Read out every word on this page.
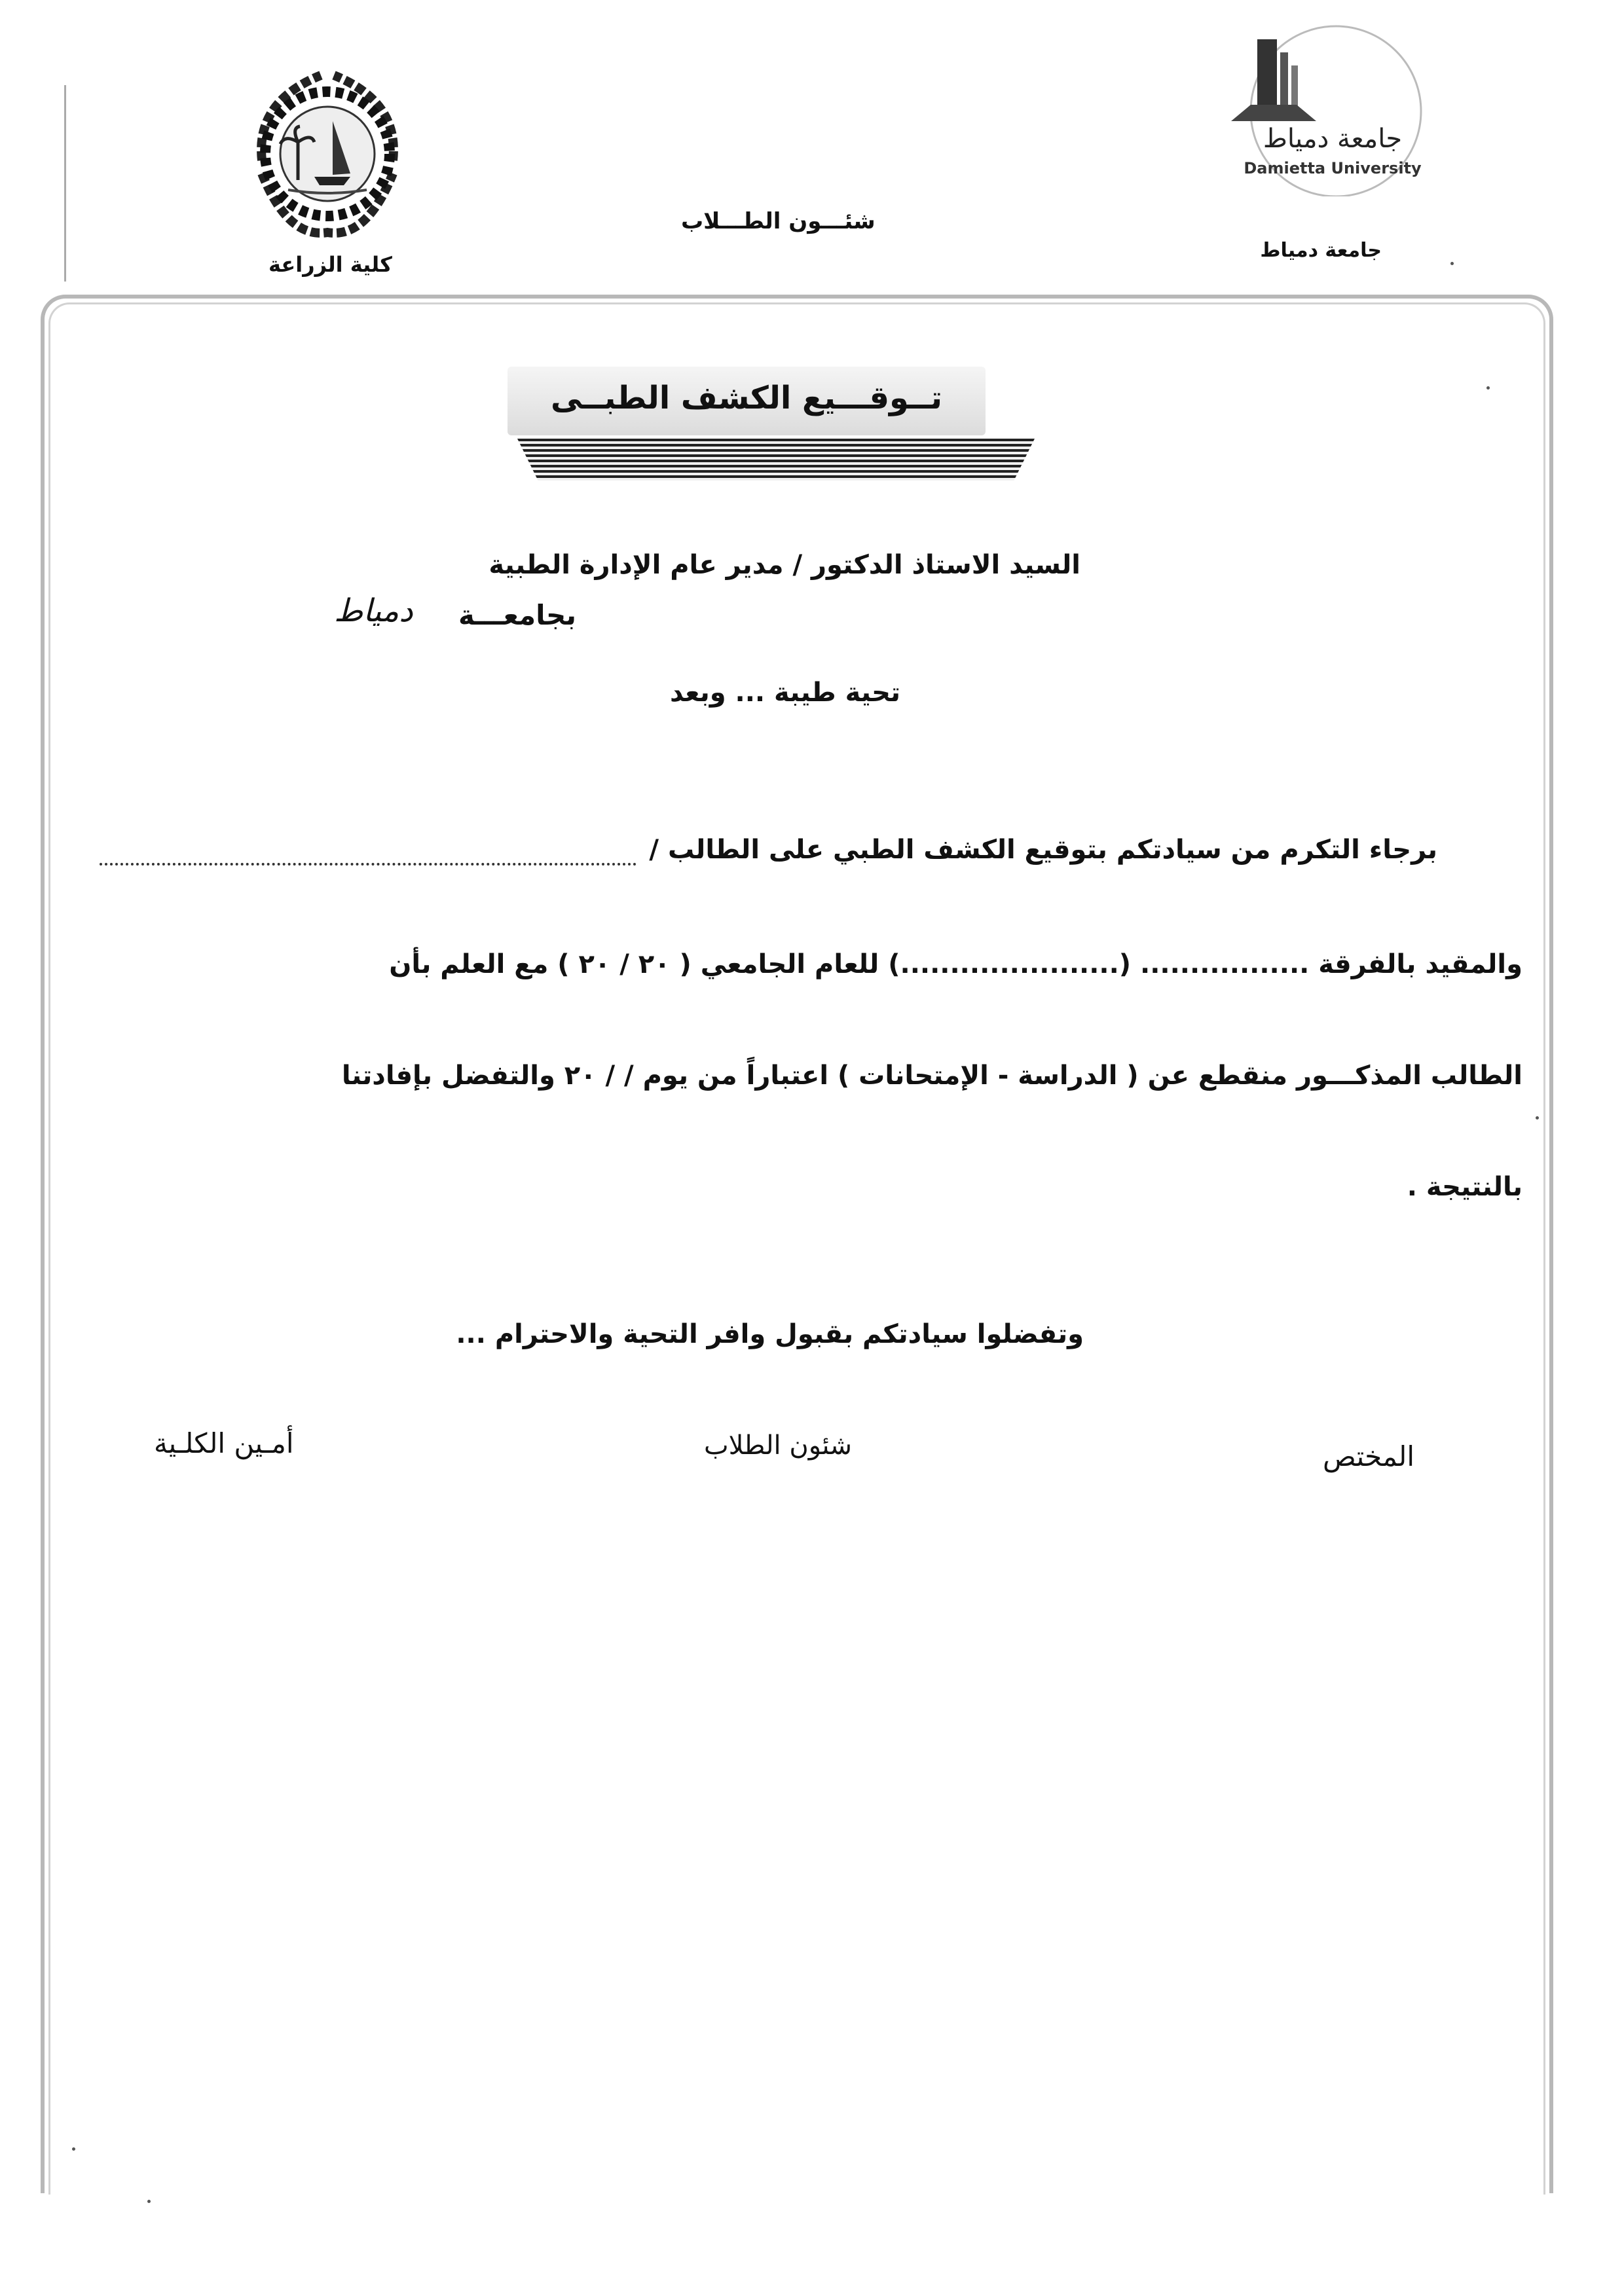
جامعة دمياط
Damietta University
جامعة دمياط
كلية الزراعة
شئـــون الطـــلاب
تــوقـــيع الكشف الطبــى
السيد الاستاذ الدكتور / مدير عام الإدارة الطبية
بجامعـــة
دمياط
تحية طيبة ... وبعد
برجاء التكرم من سيادتكم بتوقيع الكشف الطبي على الطالب /
والمقيد بالفرقة ................. (......................) للعام الجامعي ( ٢٠ / ٢٠ ) مع العلم بأن
الطالب المذكـــور منقطع عن ( الدراسة - الإمتحانات ) اعتباراً من يوم / / ٢٠ والتفضل بإفادتنا
بالنتيجة .
وتفضلوا سيادتكم بقبول وافر التحية والاحترام ...
المختص
شئون الطلاب
أمـين الكلـية
